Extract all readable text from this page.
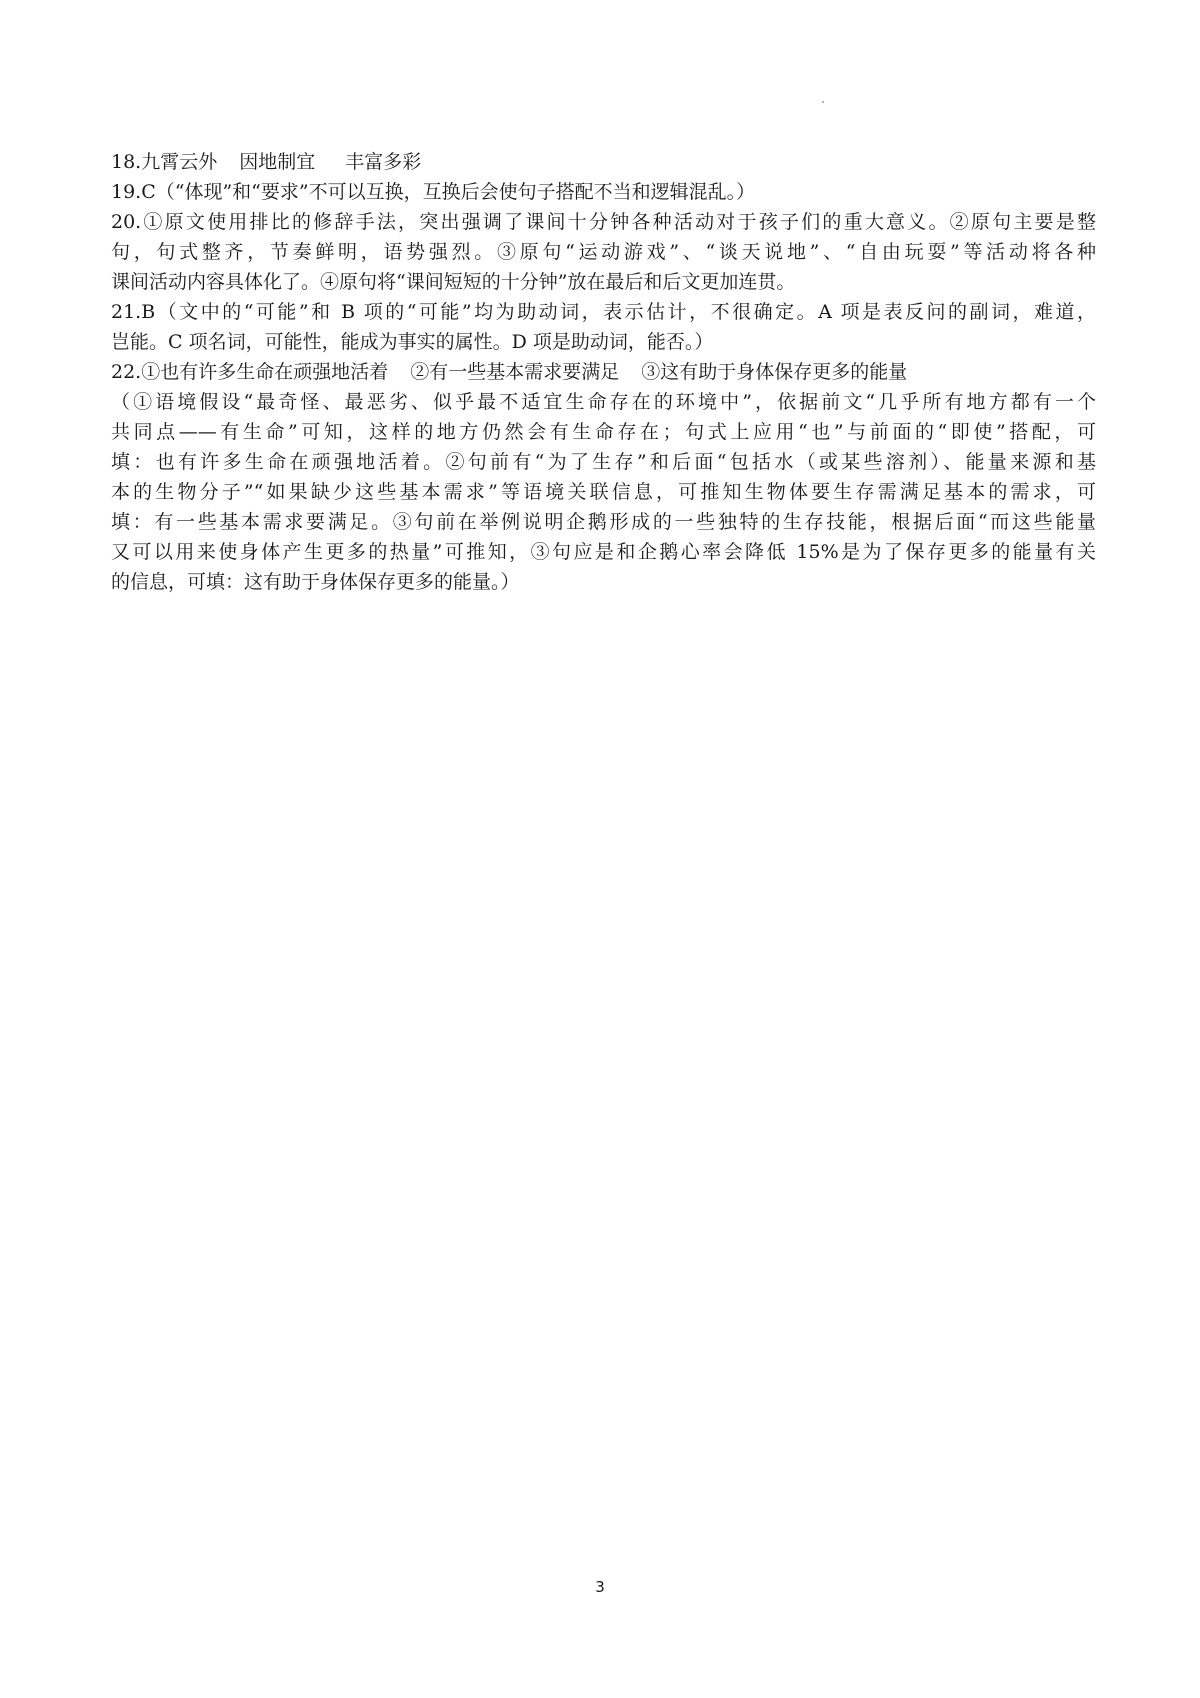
18.九霄云外 因地制宜 丰富多彩
19.C（“体现”和“要求”不可以互换，互换后会使句子搭配不当和逻辑混乱。）
20.①原文使用排比的修辞手法，突出强调了课间十分钟各种活动对于孩子们的重大意义。②原句主要是整
句，句式整齐，节奏鲜明，语势强烈。③原句“运动游戏”、“谈天说地”、“自由玩耍”等活动将各种
课间活动内容具体化了。④原句将“课间短短的十分钟”放在最后和后文更加连贯。
21.B（文中的“可能”和 B 项的“可能”均为助动词，表示估计，不很确定。A 项是表反问的副词，难道，
岂能。C 项名词，可能性，能成为事实的属性。D 项是助动词，能否。）
22.①也有许多生命在顽强地活着 ②有一些基本需求要满足 ③这有助于身体保存更多的能量
（①语境假设“最奇怪、最恶劣、似乎最不适宜生命存在的环境中”，依据前文“几乎所有地方都有一个
共同点——有生命”可知，这样的地方仍然会有生命存在；句式上应用“也”与前面的“即使”搭配，可
填：也有许多生命在顽强地活着。②句前有“为了生存”和后面“包括水（或某些溶剂）、能量来源和基
本的生物分子”“如果缺少这些基本需求”等语境关联信息，可推知生物体要生存需满足基本的需求，可
填：有一些基本需求要满足。③句前在举例说明企鹅形成的一些独特的生存技能，根据后面“而这些能量
又可以用来使身体产生更多的热量”可推知，③句应是和企鹅心率会降低 15%是为了保存更多的能量有关
的信息，可填：这有助于身体保存更多的能量。）
3
